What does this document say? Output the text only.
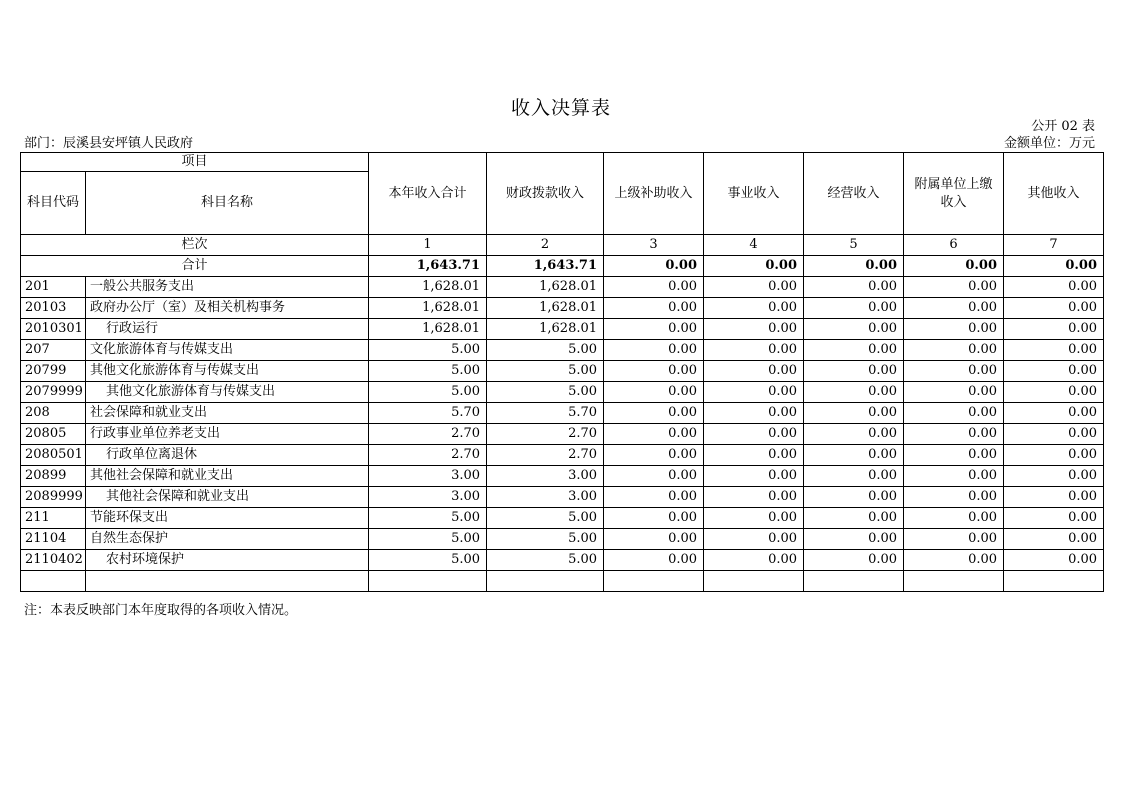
收入决算表
公开 02 表
部门：辰溪县安坪镇人民政府	金额单位：万元
项目		本年收入合计	财政拨款收入	上级补助收入	事业收入	经营收入	附属单位上缴收入	其他收入
科目代码	科目名称							
栏次		1	2	3	4	5	6	7
合计		1,643.71	1,643.71	0.00	0.00	0.00	0.00	0.00
201	一般公共服务支出	1,628.01	1,628.01	0.00	0.00	0.00	0.00	0.00
20103	政府办公厅（室）及相关机构事务	1,628.01	1,628.01	0.00	0.00	0.00	0.00	0.00
2010301	行政运行	1,628.01	1,628.01	0.00	0.00	0.00	0.00	0.00
207	文化旅游体育与传媒支出	5.00	5.00	0.00	0.00	0.00	0.00	0.00
20799	其他文化旅游体育与传媒支出	5.00	5.00	0.00	0.00	0.00	0.00	0.00
2079999	其他文化旅游体育与传媒支出	5.00	5.00	0.00	0.00	0.00	0.00	0.00
208	社会保障和就业支出	5.70	5.70	0.00	0.00	0.00	0.00	0.00
20805	行政事业单位养老支出	2.70	2.70	0.00	0.00	0.00	0.00	0.00
2080501	行政单位离退休	2.70	2.70	0.00	0.00	0.00	0.00	0.00
20899	其他社会保障和就业支出	3.00	3.00	0.00	0.00	0.00	0.00	0.00
2089999	其他社会保障和就业支出	3.00	3.00	0.00	0.00	0.00	0.00	0.00
211	节能环保支出	5.00	5.00	0.00	0.00	0.00	0.00	0.00
21104	自然生态保护	5.00	5.00	0.00	0.00	0.00	0.00	0.00
2110402	农村环境保护	5.00	5.00	0.00	0.00	0.00	0.00	0.00

注：本表反映部门本年度取得的各项收入情况。
